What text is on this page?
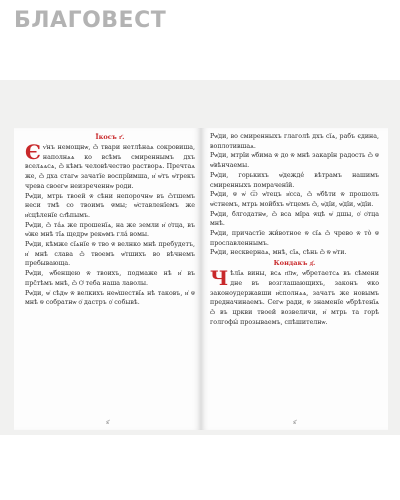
БЛАГОВЕСТ
Їкосъ г҃.

Єѵ҆нъ немощнѡ, ѽ твари нетлѣнаѧ сокровиша, наполнѧѧ ко всѣмъ смиреннымъ дхъ вселѧѧсѧ, ѽ кѣмъ человѣчество растворѧ. Пречтаѧ же, ѽ дха стагѡ зачатїе воспрїимша, и҆ ѡ҆тъ ѡ҆трекъ чрева своегѡ неизреченнѡ роди.

Рѡ҆ди, мтрь твоей ѿ сѣни непорочнѡ въ ѽтшемъ неси тмѣ со твоимъ ѿмы; ѡ҆ставленїемъ же и҆сцѣленїе сл҃ѣпымъ.

Рѡ҆ди, ѽ та́ѧ же прошенїѧ, на же земли и҆ ѻ҆тца, въ ѡ҆же мнѣ тїѧ щедрѡ рекѡмъ гла́ вомы.

Рѡ҆ди, кѣмже сїѧнїе ѿ тво ѿ велнко мнѣ пребудетъ, и҆ мнѣ слава ѽ твоемъ ѡ҆тшихъ во вѣчнемъ пребывающа.

Рѡ҆ди, ѡ҆бенщею ѿ твоихъ, подмаже нѣ и҆ въ прс̑тѣмъ мнѣ, ѽ Ѻ҆ теба наша лаволы.

Рѡ҆ди, ѡ҆ сѣдѡ ѿ велкихъ неѡ҆шествїѧ нѣ таковъ, и҆ ѿ мнѣ ѿ собратнѡ ѻ҆ дастръ ѻ҆ собывѣ.

ѕ҃

Рѡ҆ди, во смиренныхъ глаголѣ дхъ сїѧ, рабъ єдина, воплотившаѧ.

Рѡ҆ди, мтрїи ѡ҆бима ѿ до ѿ мнѣ закарїн радость ѽ ѿ ѡ҆вѣнчаемы.

Рѡ҆ди, горькихъ ѡ҆дежде́ вѣтрамъ нашимъ смиренныхъ помраченїй.

Рѡ҆ди, ѿ ѡ҆ Ѿ ѡ҆тецъ и҆сса, ѽ ѡ҆бѣти ѿ прошолъ ѡ҆стнемъ, мтрь мойбхъ ѡ҆тцемъ ѽ, ѡ҆дїи, ѡ҆дїи, ѡ҆дїи.

Рѡ҆ди, блгодатнѡ, ѽ вса мїра ѿцѣ ѡ҆ дшы, ѻ҆ ѻ҆тца мнѣ.

Рѡ҆ди, причастїе жи́вотное ѿ сїѧ ѽ чрево ѿ то̀ ѿ прославленнымъ.

Рѡ҆ди, несквернаѧ, мнѣ, сїѧ, сѣнь ѽ ѿ ѡ҆ти.

Кондакъ д҃.

Чѣлїѧ вины, всѧ п҃лѡ, ѡ҆бретаетсѧ въ сѣмени дне въ возглашающихъ, законъ ѿко законоудержавши и҆сполнѧѧ, зачатъ же новымъ предначинаемъ. Сегѡ ради, ѿ знаменїе ѡ҆брѣтенїѧ ѽ въ цркви твоей возвеличи, и҆ мтрь та горѣ голгофы́ прозываемъ, спѣшителнѡ.

ѕ҃
